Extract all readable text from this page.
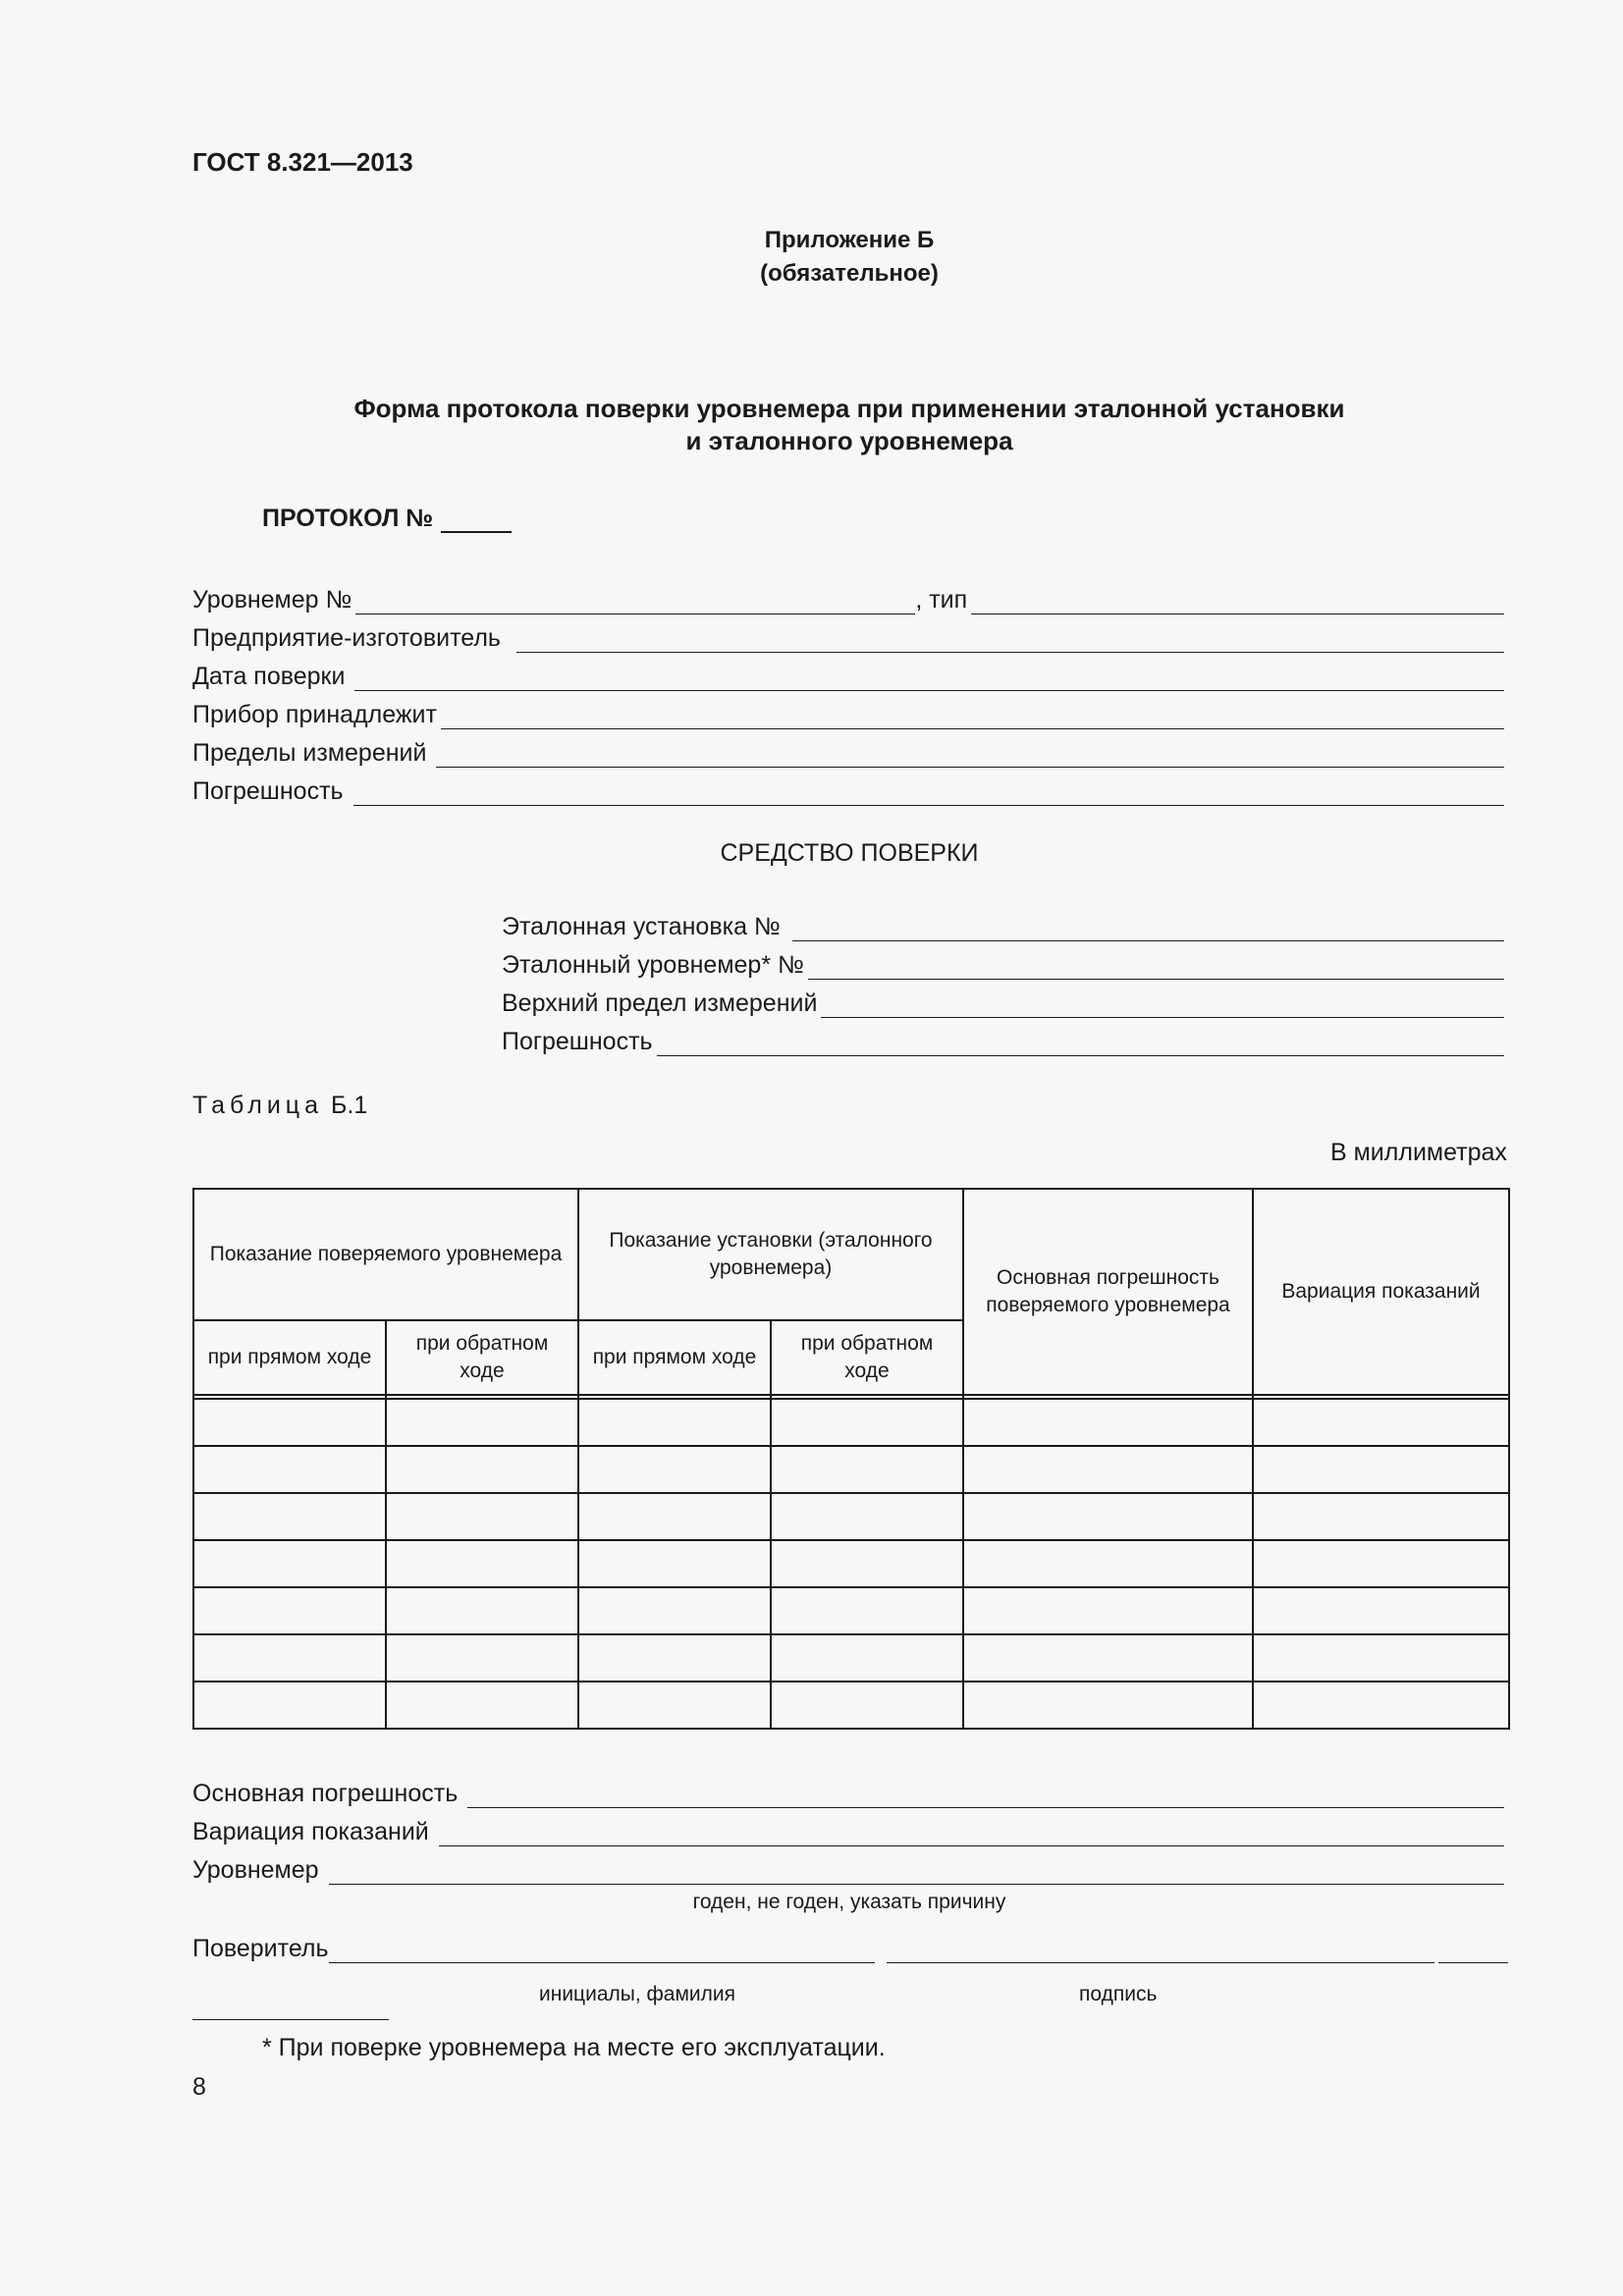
ГОСТ 8.321—2013
Приложение Б
(обязательное)
Форма протокола поверки уровнемера при применении эталонной установки
и эталонного уровнемера
ПРОТОКОЛ №
Уровнемер №	, тип
Предприятие-изготовитель
Дата поверки
Прибор принадлежит
Пределы измерений
Погрешность
СРЕДСТВО ПОВЕРКИ
Эталонная установка №
Эталонный уровнемер* №
Верхний предел измерений
Погрешность
Таблица Б.1
В миллиметрах
Показание поверяемого уровнемера		Показание установки (эталонного уровнемера)		Основная погрешность поверяемого уровнемера	Вариация показаний
при прямом ходе	при обратном ходе	при прямом ходе	при обратном ходе		

Основная погрешность
Вариация показаний
Уровнемер
годен, не годен, указать причину
Поверитель
инициалы, фамилия	подпись
* При поверке уровнемера на месте его эксплуатации.
8
